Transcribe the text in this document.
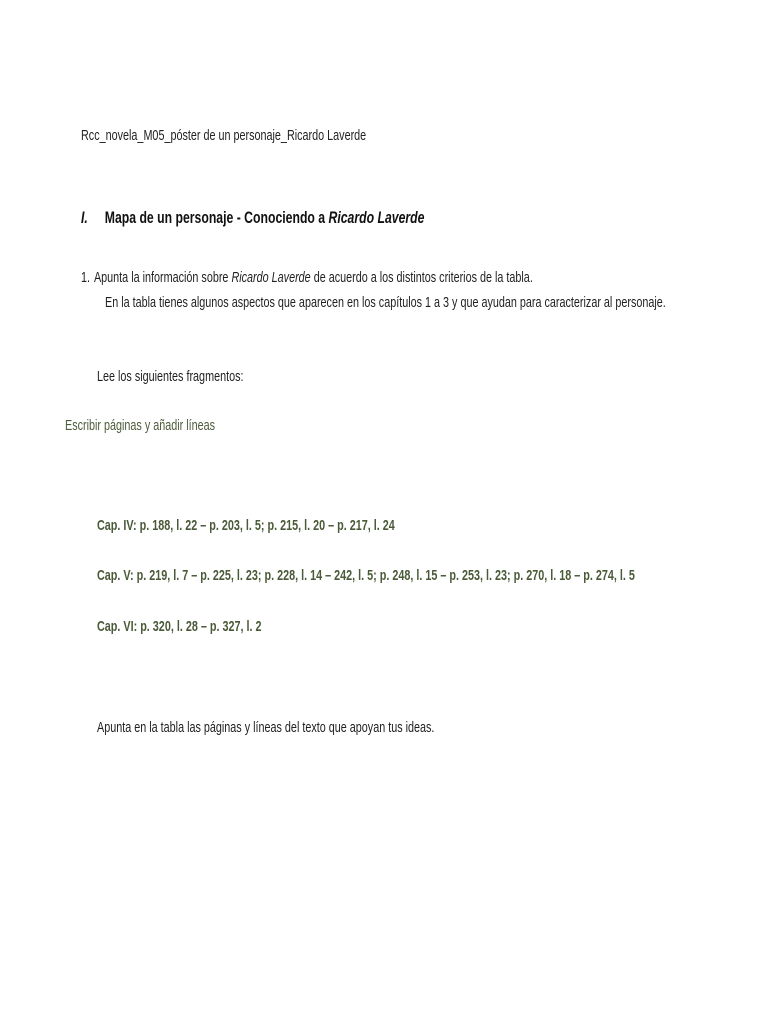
Rcc_novela_M05_póster de un personaje_Ricardo Laverde
I. Mapa de un personaje - Conociendo a Ricardo Laverde
1. Apunta la información sobre Ricardo Laverde de acuerdo a los distintos criterios de la tabla.
En la tabla tienes algunos aspectos que aparecen en los capítulos 1 a 3 y que ayudan para caracterizar al personaje.
Lee los siguientes fragmentos:
Escribir páginas y añadir líneas
Cap. IV: p. 188, l. 22 – p. 203, l. 5; p. 215, l. 20 – p. 217, l. 24
Cap. V: p. 219, l. 7 – p. 225, l. 23; p. 228, l. 14 – 242, l. 5; p. 248, l. 15 – p. 253, l. 23; p. 270, l. 18 – p. 274, l. 5
Cap. VI: p. 320, l. 28 – p. 327, l. 2
Apunta en la tabla las páginas y líneas del texto que apoyan tus ideas.
